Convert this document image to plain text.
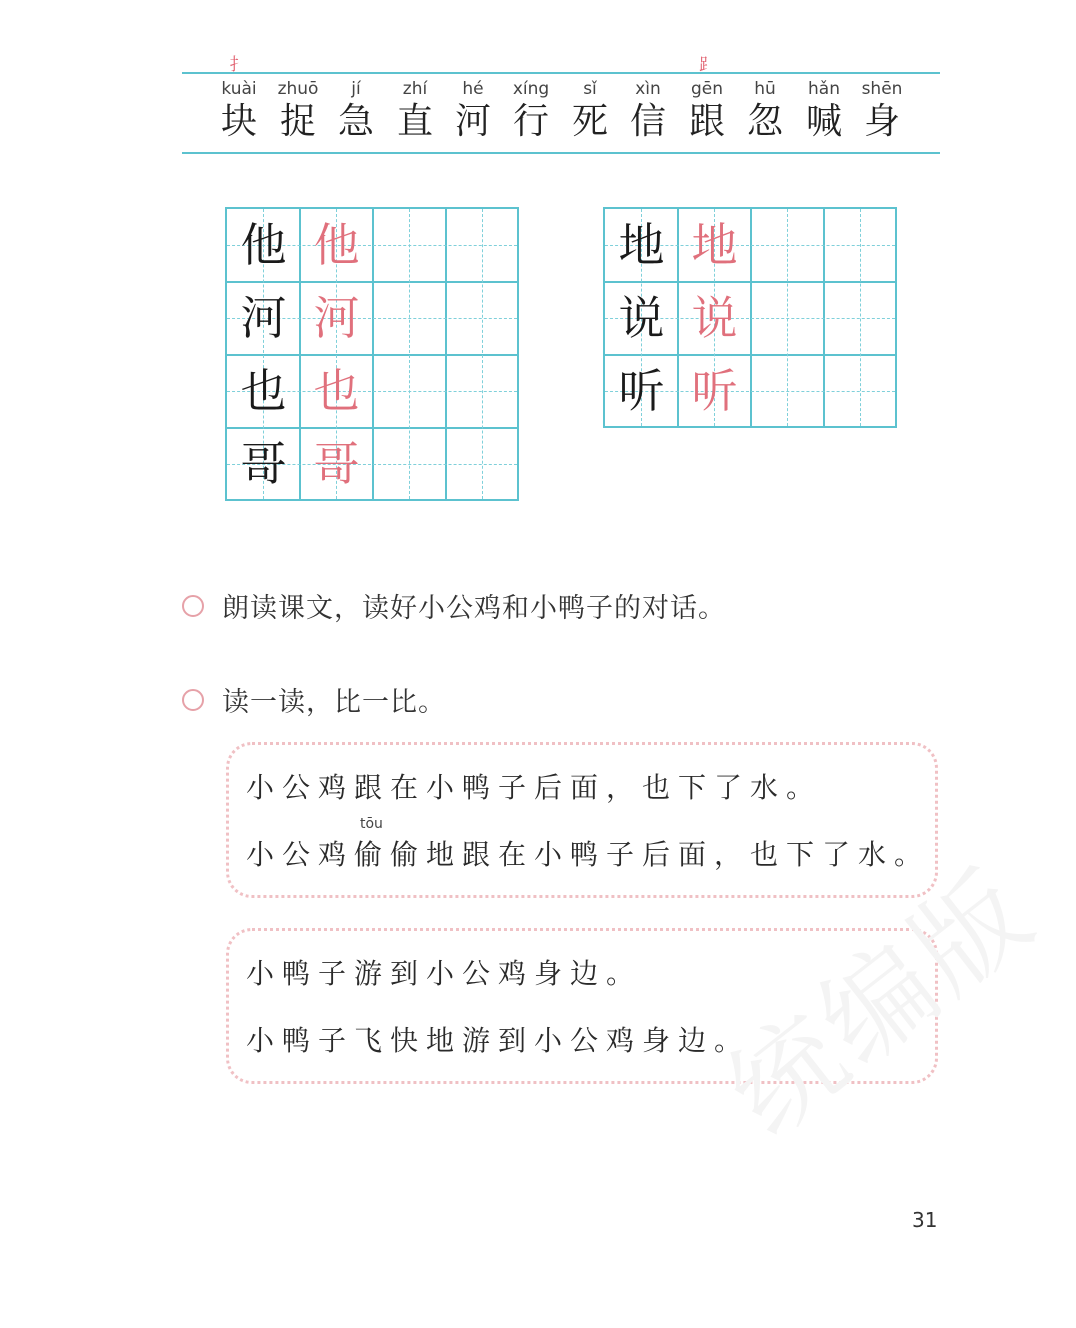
扌	⻊
kuài
块
zhuō
捉
jí
急
zhí
直
hé
河
xíng
行
sǐ
死
xìn
信
gēn
跟
hū
忽
hǎn
喊
shēn
身
他 他
河 河
也 也
哥 哥
地 地
说 说
听 听
朗读课文，读好小公鸡和小鸭子的对话。
读一读，比一比。
小公鸡跟在小鸭子后面，也下了水。
tōu
小公鸡偷偷地跟在小鸭子后面，也下了水。
小鸭子游到小公鸡身边。
小鸭子飞快地游到小公鸡身边。
统编版
31
